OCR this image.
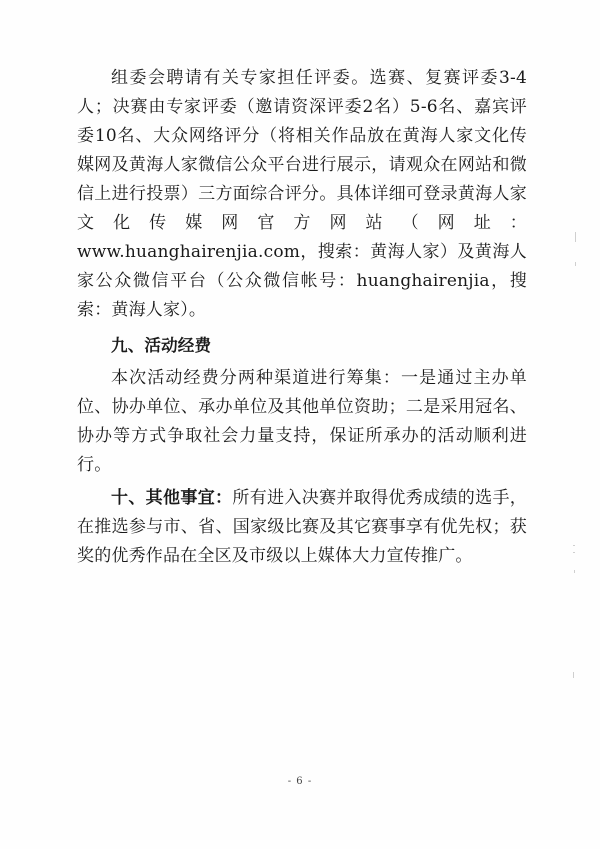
组委会聘请有关专家担任评委。选赛、复赛评委3-4人；决赛由专家评委（邀请资深评委2名）5-6名、嘉宾评委10名、大众网络评分（将相关作品放在黄海人家文化传媒网及黄海人家微信公众平台进行展示，请观众在网站和微信上进行投票）三方面综合评分。具体详细可登录黄海人家文化传媒网官方网站（网址：www.huanghairenjia.com，搜索：黄海人家）及黄海人家公众微信平台（公众微信帐号：huanghairenjia，搜索：黄海人家）。

九、活动经费

本次活动经费分两种渠道进行筹集：一是通过主办单位、协办单位、承办单位及其他单位资助；二是采用冠名、协办等方式争取社会力量支持，保证所承办的活动顺利进行。

十、其他事宜：所有进入决赛并取得优秀成绩的选手，在推选参与市、省、国家级比赛及其它赛事享有优先权；获奖的优秀作品在全区及市级以上媒体大力宣传推广。

- 6 -
